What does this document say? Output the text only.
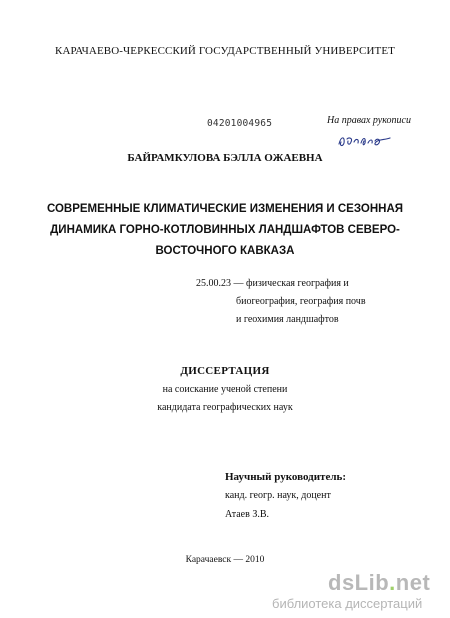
КАРАЧАЕВО-ЧЕРКЕССКИЙ ГОСУДАРСТВЕННЫЙ УНИВЕРСИТЕТ
04201004965	На правах рукописи
БАЙРАМКУЛОВА БЭЛЛА ОЖАЕВНА
СОВРЕМЕННЫЕ КЛИМАТИЧЕСКИЕ ИЗМЕНЕНИЯ И СЕЗОННАЯ
ДИНАМИКА ГОРНО-КОТЛОВИННЫХ ЛАНДШАФТОВ СЕВЕРО-
ВОСТОЧНОГО КАВКАЗА
25.00.23 — физическая география и
биогеография, география почв
и геохимия ландшафтов
ДИССЕРТАЦИЯ
на соискание ученой степени
кандидата географических наук
Научный руководитель:
канд. геогр. наук, доцент
Атаев З.В.
Карачаевск — 2010
dsLib.net
библиотека диссертаций
